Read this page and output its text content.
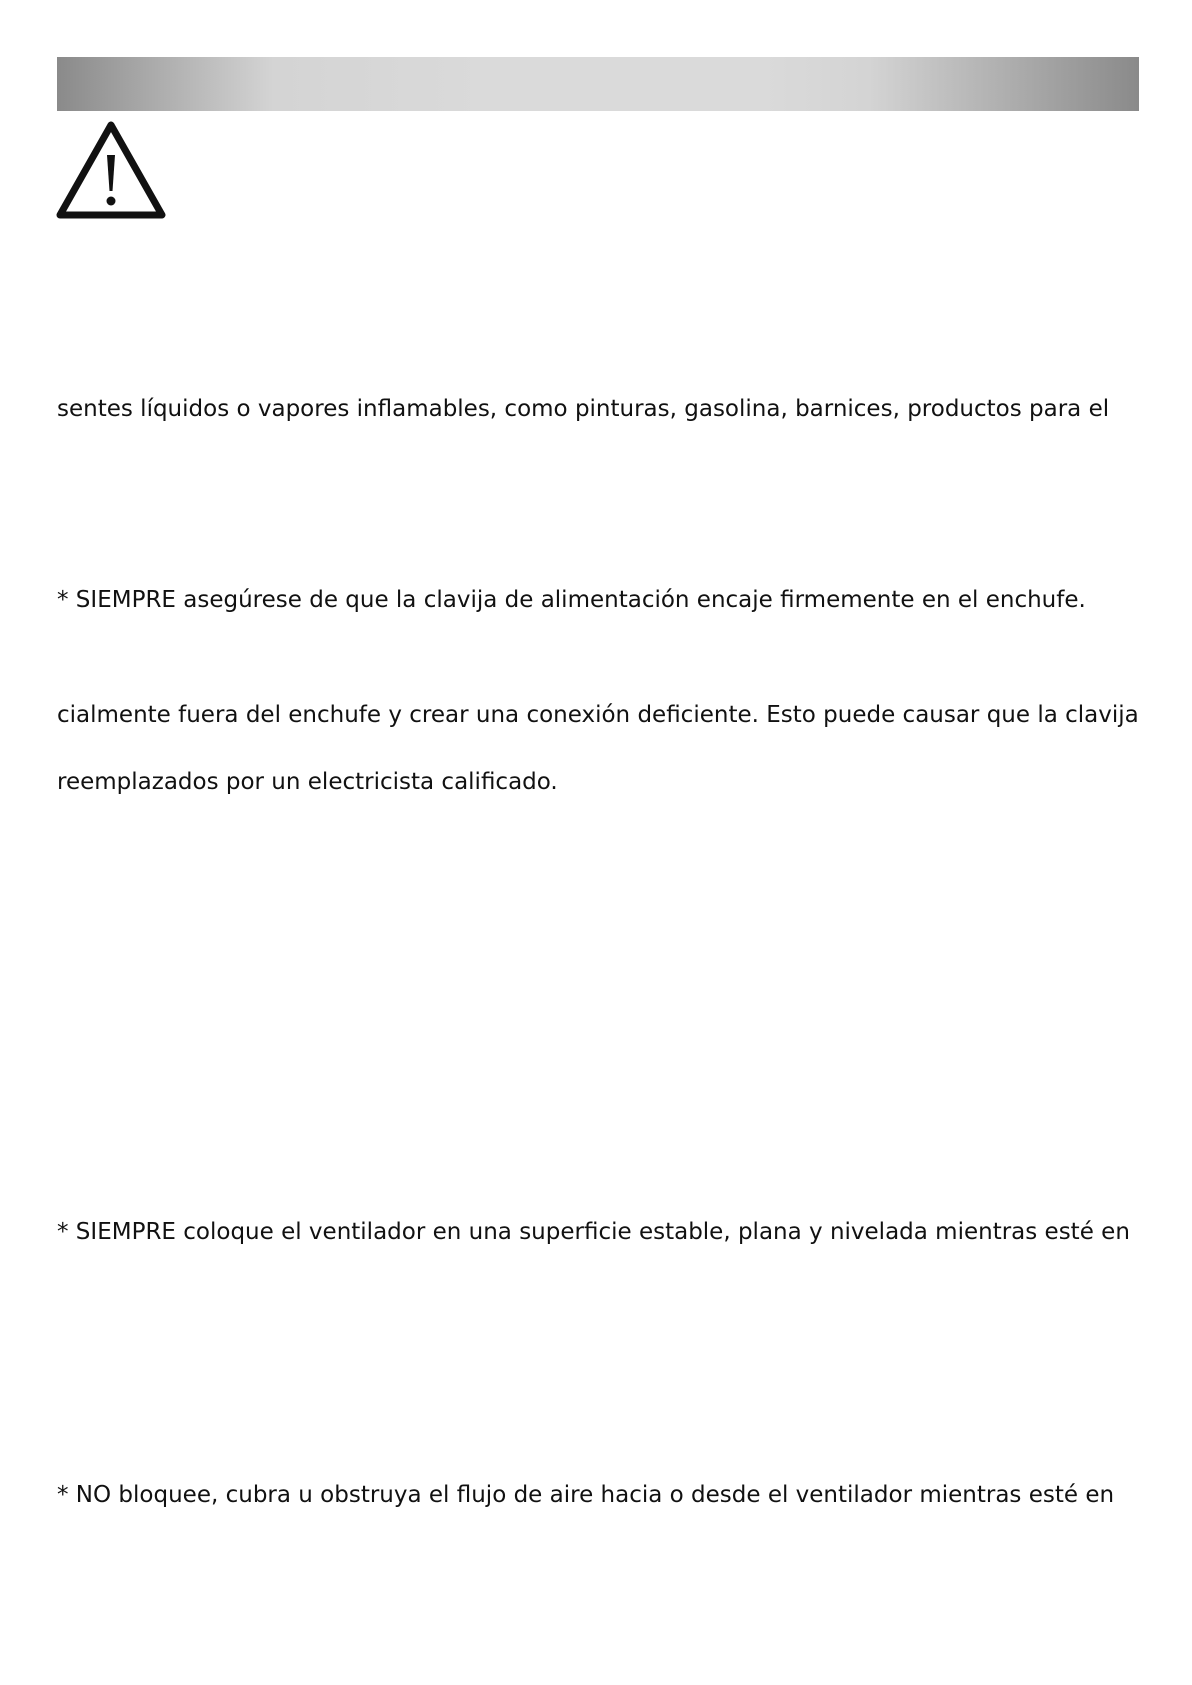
sentes líquidos o vapores inflamables, como pinturas, gasolina, barnices, productos para el

* SIEMPRE asegúrese de que la clavija de alimentación encaje firmemente en el enchufe.

cialmente fuera del enchufe y crear una conexión deficiente. Esto puede causar que la clavija

reemplazados por un electricista calificado.

* SIEMPRE coloque el ventilador en una superficie estable, plana y nivelada mientras esté en

* NO bloquee, cubra u obstruya el flujo de aire hacia o desde el ventilador mientras esté en
